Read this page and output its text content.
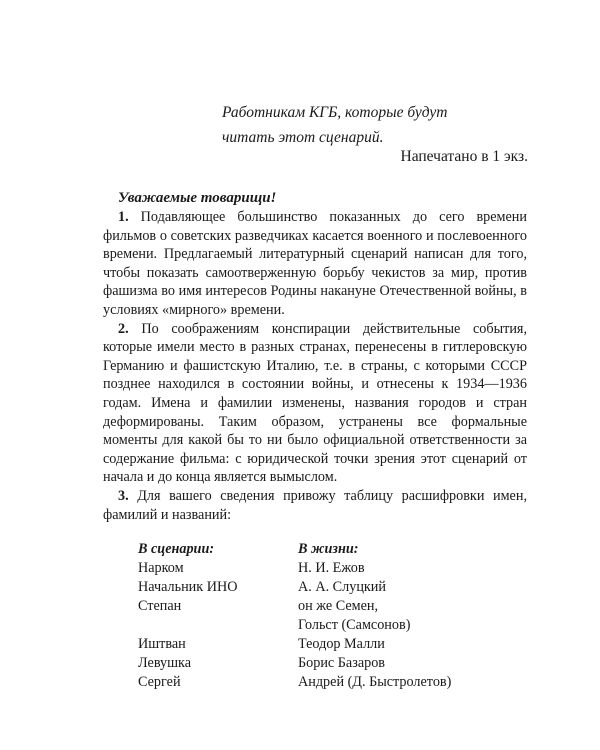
Работникам КГБ, которые будут
читать этот сценарий.
Напечатано в 1 экз.
Уважаемые товарищи!

1. Подавляющее большинство показанных до сего времени фильмов о советских разведчиках касается военного и послевоенного времени. Предлагаемый литературный сценарий написан для того, чтобы показать самоотверженную борьбу чекистов за мир, против фашизма во имя интересов Родины накануне Отечественной войны, в условиях «мирного» времени.

2. По соображениям конспирации действительные события, которые имели место в разных странах, перенесены в гитлеровскую Германию и фашистскую Италию, т.е. в страны, с которыми СССР позднее находился в состоянии войны, и отнесены к 1934—1936 годам. Имена и фамилии изменены, названия городов и стран деформированы. Таким образом, устранены все формальные моменты для какой бы то ни было официальной ответственности за содержание фильма: с юридической точки зрения этот сценарий от начала и до конца является вымыслом.

3. Для вашего сведения привожу таблицу расшифровки имен, фамилий и названий:

В сценарии:	В жизни:
Нарком	Н. И. Ежов
Начальник ИНО	А. А. Слуцкий
Степан	он же Семен,
Гольст (Самсонов)
Иштван	Теодор Малли
Левушка	Борис Базаров
Сергей	Андрей (Д. Быстролетов)
